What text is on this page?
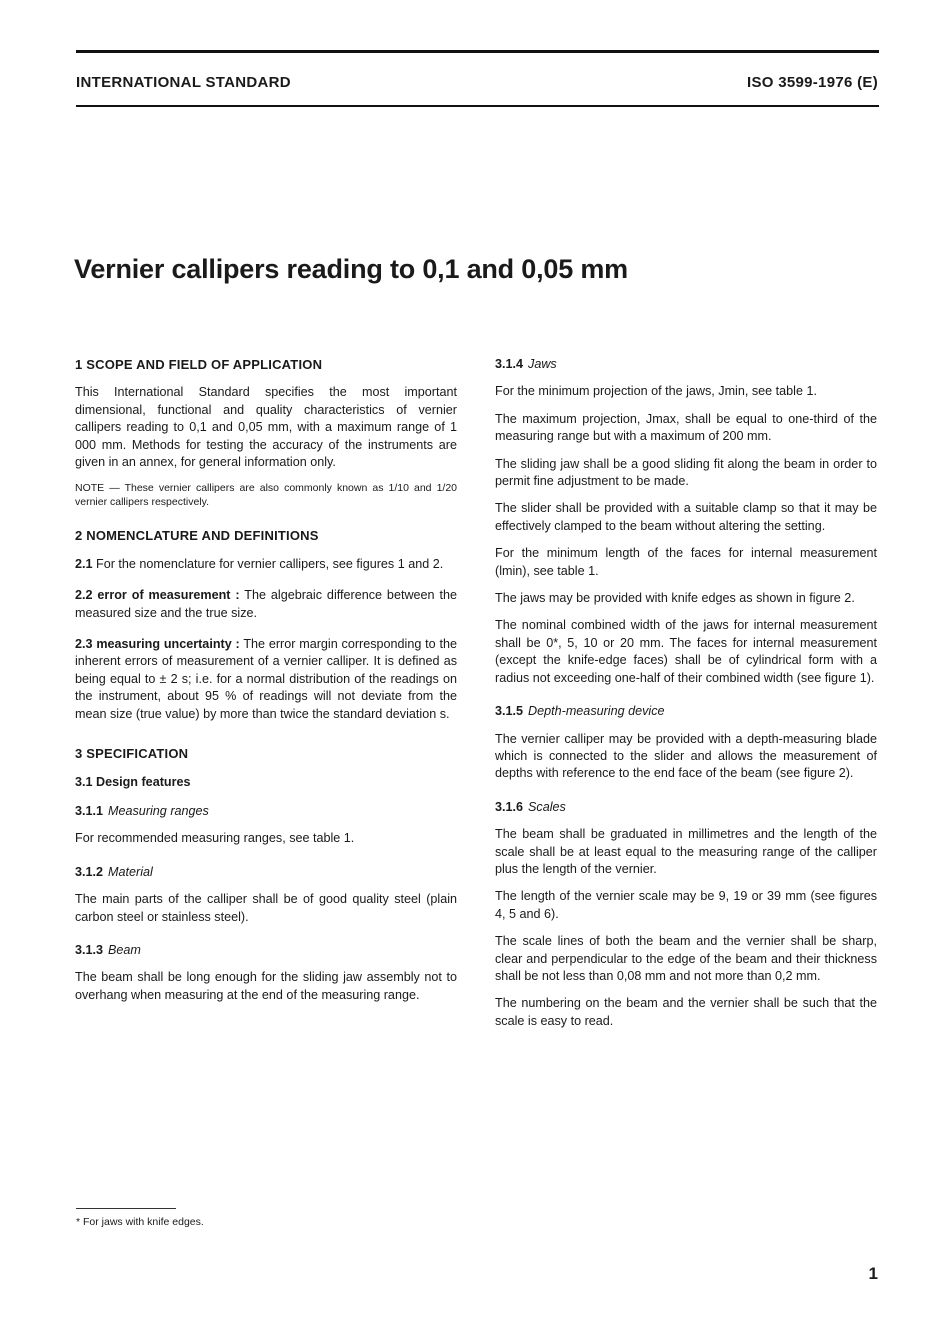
INTERNATIONAL STANDARD	ISO 3599-1976 (E)
Vernier callipers reading to 0,1 and 0,05 mm
1 SCOPE AND FIELD OF APPLICATION

This International Standard specifies the most important dimensional, functional and quality characteristics of vernier callipers reading to 0,1 and 0,05 mm, with a maximum range of 1 000 mm. Methods for testing the accuracy of the instruments are given in an annex, for general information only.

NOTE — These vernier callipers are also commonly known as 1/10 and 1/20 vernier callipers respectively.

2 NOMENCLATURE AND DEFINITIONS

2.1 For the nomenclature for vernier callipers, see figures 1 and 2.

2.2 error of measurement : The algebraic difference between the measured size and the true size.

2.3 measuring uncertainty : The error margin corresponding to the inherent errors of measurement of a vernier calliper. It is defined as being equal to ± 2 s; i.e. for a normal distribution of the readings on the instrument, about 95 % of readings will not deviate from the mean size (true value) by more than twice the standard deviation s.

3 SPECIFICATION
3.1 Design features
3.1.1 Measuring ranges

For recommended measuring ranges, see table 1.

3.1.2 Material

The main parts of the calliper shall be of good quality steel (plain carbon steel or stainless steel).

3.1.3 Beam

The beam shall be long enough for the sliding jaw assembly not to overhang when measuring at the end of the measuring range.

3.1.4 Jaws

For the minimum projection of the jaws, Jmin, see table 1.

The maximum projection, Jmax, shall be equal to one-third of the measuring range but with a maximum of 200 mm.

The sliding jaw shall be a good sliding fit along the beam in order to permit fine adjustment to be made.

The slider shall be provided with a suitable clamp so that it may be effectively clamped to the beam without altering the setting.

For the minimum length of the faces for internal measurement (lmin), see table 1.

The jaws may be provided with knife edges as shown in figure 2.

The nominal combined width of the jaws for internal measurement shall be 0*, 5, 10 or 20 mm. The faces for internal measurement (except the knife-edge faces) shall be of cylindrical form with a radius not exceeding one-half of their combined width (see figure 1).

3.1.5 Depth-measuring device

The vernier calliper may be provided with a depth-measuring blade which is connected to the slider and allows the measurement of depths with reference to the end face of the beam (see figure 2).

3.1.6 Scales

The beam shall be graduated in millimetres and the length of the scale shall be at least equal to the measuring range of the calliper plus the length of the vernier.

The length of the vernier scale may be 9, 19 or 39 mm (see figures 4, 5 and 6).

The scale lines of both the beam and the vernier shall be sharp, clear and perpendicular to the edge of the beam and their thickness shall be not less than 0,08 mm and not more than 0,2 mm.

The numbering on the beam and the vernier shall be such that the scale is easy to read.

* For jaws with knife edges.
1
